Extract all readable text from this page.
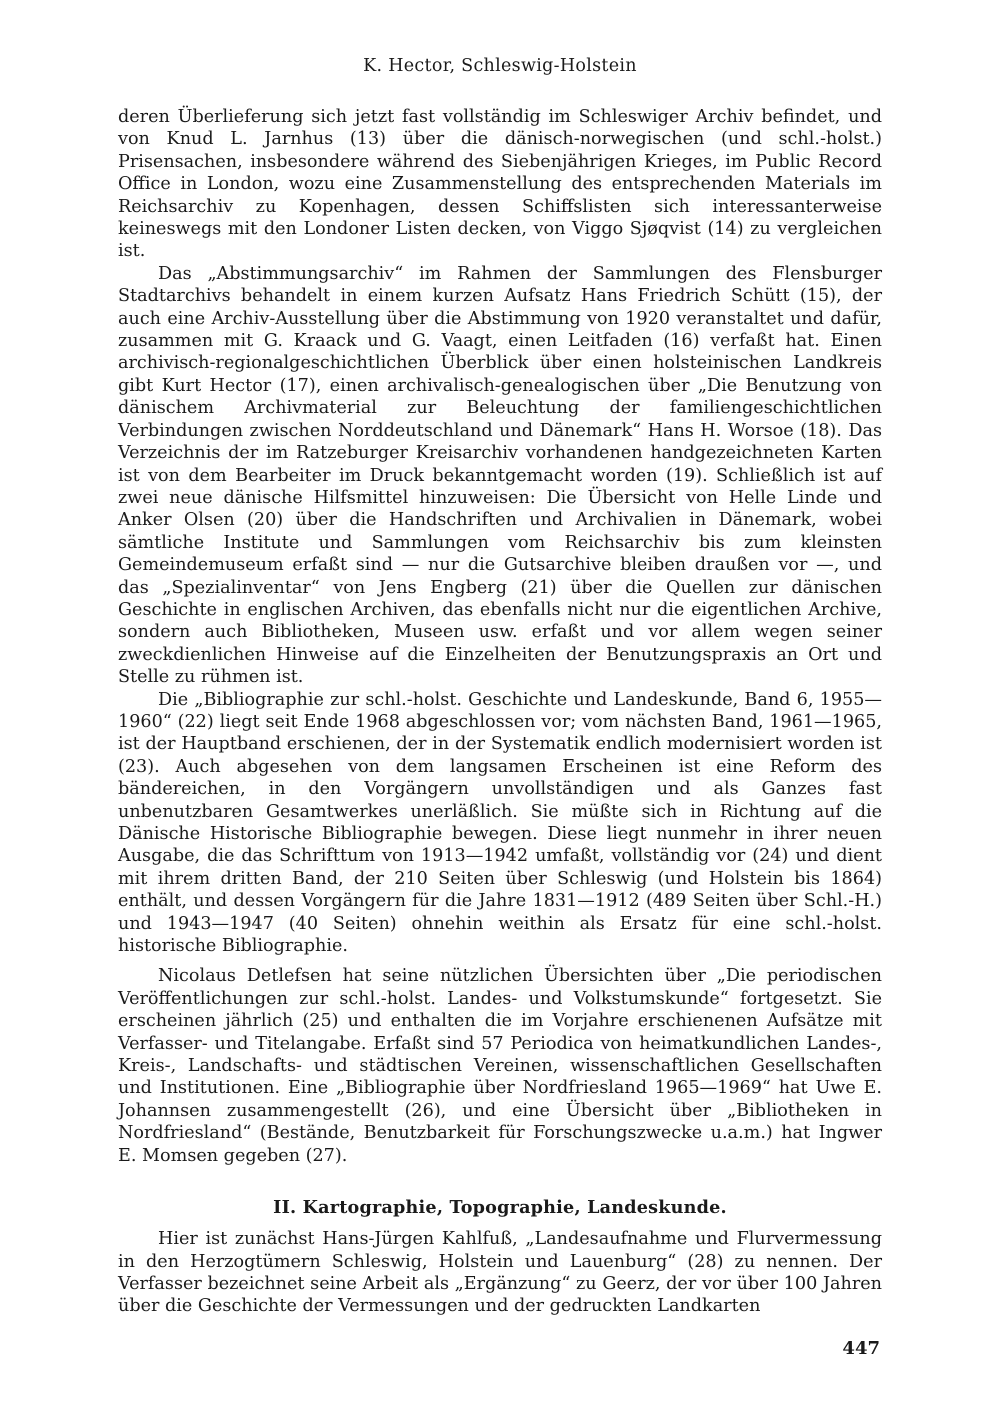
K. Hector, Schleswig-Holstein

deren Überlieferung sich jetzt fast vollständig im Schleswiger Archiv befindet, und von Knud L. Jarnhus (13) über die dänisch-norwegischen (und schl.-holst.) Prisensachen, insbesondere während des Siebenjährigen Krieges, im Public Record Office in London, wozu eine Zusammenstellung des entsprechenden Materials im Reichsarchiv zu Kopenhagen, dessen Schiffslisten sich interessanterweise keineswegs mit den Londoner Listen decken, von Viggo Sjøqvist (14) zu vergleichen ist.

Das „Abstimmungsarchiv“ im Rahmen der Sammlungen des Flensburger Stadtarchivs behandelt in einem kurzen Aufsatz Hans Friedrich Schütt (15), der auch eine Archiv-Ausstellung über die Abstimmung von 1920 veranstaltet und dafür, zusammen mit G. Kraack und G. Vaagt, einen Leitfaden (16) verfaßt hat. Einen archivisch-regionalgeschichtlichen Überblick über einen holsteinischen Landkreis gibt Kurt Hector (17), einen archivalisch-genealogischen über „Die Benutzung von dänischem Archivmaterial zur Beleuchtung der familiengeschichtlichen Verbindungen zwischen Norddeutschland und Dänemark“ Hans H. Worsoe (18). Das Verzeichnis der im Ratzeburger Kreisarchiv vorhandenen handgezeichneten Karten ist von dem Bearbeiter im Druck bekanntgemacht worden (19). Schließlich ist auf zwei neue dänische Hilfsmittel hinzuweisen: Die Übersicht von Helle Linde und Anker Olsen (20) über die Handschriften und Archivalien in Dänemark, wobei sämtliche Institute und Sammlungen vom Reichsarchiv bis zum kleinsten Gemeindemuseum erfaßt sind — nur die Gutsarchive bleiben draußen vor —, und das „Spezialinventar“ von Jens Engberg (21) über die Quellen zur dänischen Geschichte in englischen Archiven, das ebenfalls nicht nur die eigentlichen Archive, sondern auch Bibliotheken, Museen usw. erfaßt und vor allem wegen seiner zweckdienlichen Hinweise auf die Einzelheiten der Benutzungspraxis an Ort und Stelle zu rühmen ist.

Die „Bibliographie zur schl.-holst. Geschichte und Landeskunde, Band 6, 1955—1960“ (22) liegt seit Ende 1968 abgeschlossen vor; vom nächsten Band, 1961—1965, ist der Hauptband erschienen, der in der Systematik endlich modernisiert worden ist (23). Auch abgesehen von dem langsamen Erscheinen ist eine Reform des bändereichen, in den Vorgängern unvollständigen und als Ganzes fast unbenutzbaren Gesamtwerkes unerläßlich. Sie müßte sich in Richtung auf die Dänische Historische Bibliographie bewegen. Diese liegt nunmehr in ihrer neuen Ausgabe, die das Schrifttum von 1913—1942 umfaßt, vollständig vor (24) und dient mit ihrem dritten Band, der 210 Seiten über Schleswig (und Holstein bis 1864) enthält, und dessen Vorgängern für die Jahre 1831—1912 (489 Seiten über Schl.-H.) und 1943—1947 (40 Seiten) ohnehin weithin als Ersatz für eine schl.-holst. historische Bibliographie.

Nicolaus Detlefsen hat seine nützlichen Übersichten über „Die periodischen Veröffentlichungen zur schl.-holst. Landes- und Volkstumskunde“ fortgesetzt. Sie erscheinen jährlich (25) und enthalten die im Vorjahre erschienenen Aufsätze mit Verfasser- und Titelangabe. Erfaßt sind 57 Periodica von heimatkundlichen Landes-, Kreis-, Landschafts- und städtischen Vereinen, wissenschaftlichen Gesellschaften und Institutionen. Eine „Bibliographie über Nordfriesland 1965—1969“ hat Uwe E. Johannsen zusammengestellt (26), und eine Übersicht über „Bibliotheken in Nordfriesland“ (Bestände, Benutzbarkeit für Forschungszwecke u.a.m.) hat Ingwer E. Momsen gegeben (27).

II. Kartographie, Topographie, Landeskunde.

Hier ist zunächst Hans-Jürgen Kahlfuß, „Landesaufnahme und Flurvermessung in den Herzogtümern Schleswig, Holstein und Lauenburg“ (28) zu nennen. Der Verfasser bezeichnet seine Arbeit als „Ergänzung“ zu Geerz, der vor über 100 Jahren über die Geschichte der Vermessungen und der gedruckten Landkarten

447
